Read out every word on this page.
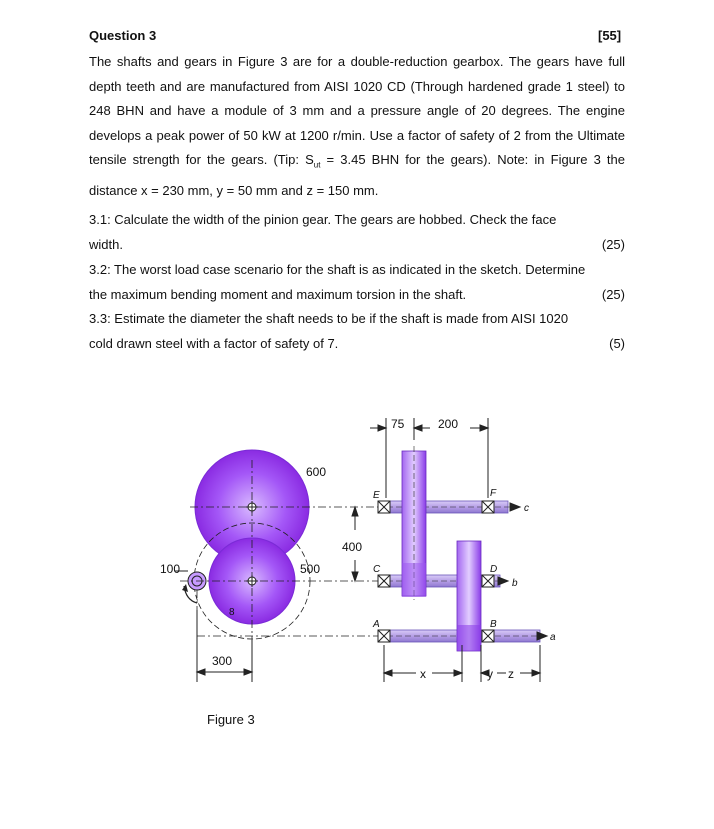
Question 3	[55]
The shafts and gears in Figure 3 are for a double-reduction gearbox. The gears have full depth teeth and are manufactured from AISI 1020 CD (Through hardened grade 1 steel) to 248 BHN and have a module of 3 mm and a pressure angle of 20 degrees. The engine develops a peak power of 50 kW at 1200 r/min. Use a factor of safety of 2 from the Ultimate tensile strength for the gears. (Tip: $S_{ut} = 3.45$ BHN for the gears). Note: in Figure 3 the distance x = 230 mm, y = 50 mm and z = 150 mm.
3.1: Calculate the width of the pinion gear. The gears are hobbed. Check the face
width.	(25)
3.2: The worst load case scenario for the shaft is as indicated in the sketch. Determine
the maximum bending moment and maximum torsion in the shaft.	(25)
3.3: Estimate the diameter the shaft needs to be if the shaft is made from AISI 1020
cold drawn steel with a factor of safety of 7.	(5)
75	200
600
400
500
100
300
8
x	y z
E	F
C	D
A	B
a
b
c
Figure 3
